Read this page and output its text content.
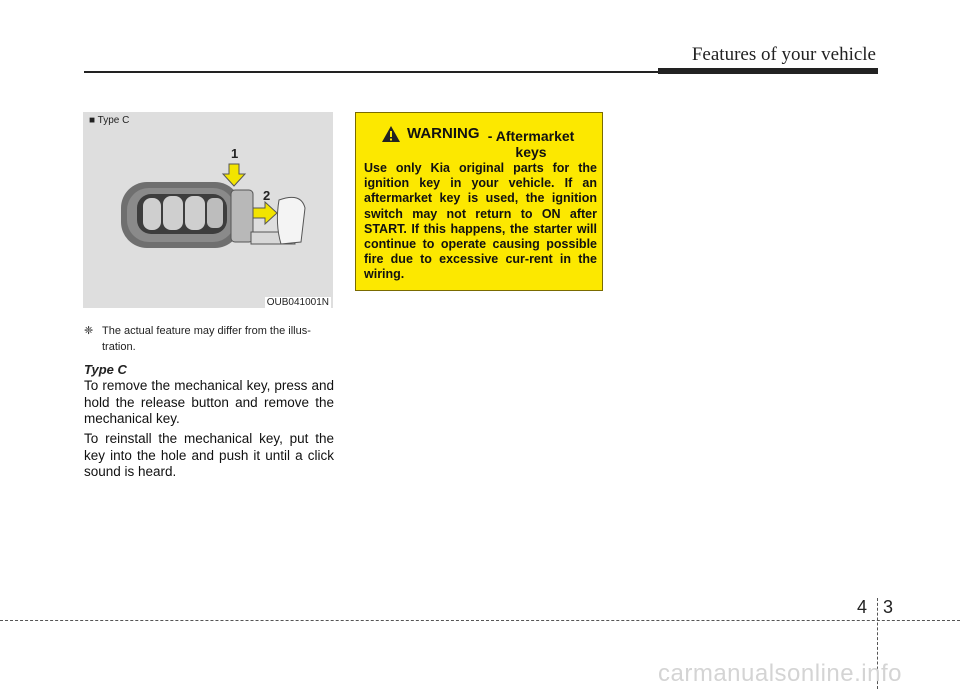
Features of your vehicle
1
2
■ Type C
OUB041001N
❈ The actual feature may differ from the illus-
tration.
Type C
To remove the mechanical key, press and hold the release button and remove the mechanical key.
To reinstall the mechanical key, put the key into the hole and push it until a click sound is heard.
WARNING - Aftermarket keys
Use only Kia original parts for the ignition key in your vehicle. If an aftermarket key is used, the ignition switch may not return to ON after START. If this happens, the starter will continue to operate causing possible fire due to excessive cur-rent in the wiring.
4 3
carmanualsonline.info
